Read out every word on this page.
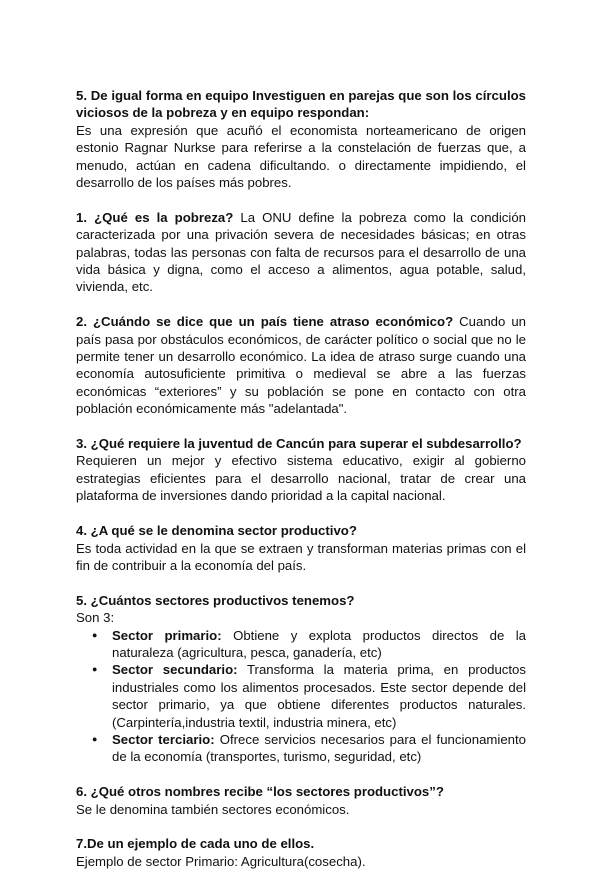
5. De igual forma en equipo Investiguen en parejas que son los círculos viciosos de la pobreza y en equipo respondan:
Es una expresión que acuñó el economista norteamericano de origen estonio Ragnar Nurkse para referirse a la constelación de fuerzas que, a menudo, actúan en cadena dificultando. o directamente impidiendo, el desarrollo de los países más pobres.
1. ¿Qué es la pobreza? La ONU define la pobreza como la condición caracterizada por una privación severa de necesidades básicas; en otras palabras, todas las personas con falta de recursos para el desarrollo de una vida básica y digna, como el acceso a alimentos, agua potable, salud, vivienda, etc.
2. ¿Cuándo se dice que un país tiene atraso económico? Cuando un país pasa por obstáculos económicos, de carácter político o social que no le permite tener un desarrollo económico. La idea de atraso surge cuando una economía autosuficiente primitiva o medieval se abre a las fuerzas económicas “exteriores” y su población se pone en contacto con otra población económicamente más "adelantada".
3. ¿Qué requiere la juventud de Cancún para superar el subdesarrollo?
Requieren un mejor y efectivo sistema educativo, exigir al gobierno estrategias eficientes para el desarrollo nacional, tratar de crear una plataforma de inversiones dando prioridad a la capital nacional.
4. ¿A qué se le denomina sector productivo?
Es toda actividad en la que se extraen y transforman materias primas con el fin de contribuir a la economía del país.
5. ¿Cuántos sectores productivos tenemos?
Son 3:
● Sector primario: Obtiene y explota productos directos de la naturaleza (agricultura, pesca, ganadería, etc)
● Sector secundario: Transforma la materia prima, en productos industriales como los alimentos procesados. Este sector depende del sector primario, ya que obtiene diferentes productos naturales. (Carpintería,industria textil, industria minera, etc)
● Sector terciario: Ofrece servicios necesarios para el funcionamiento de la economía (transportes, turismo, seguridad, etc)
6. ¿Qué otros nombres recibe “los sectores productivos”?
Se le denomina también sectores económicos.
7.De un ejemplo de cada uno de ellos.
Ejemplo de sector Primario: Agricultura(cosecha).
